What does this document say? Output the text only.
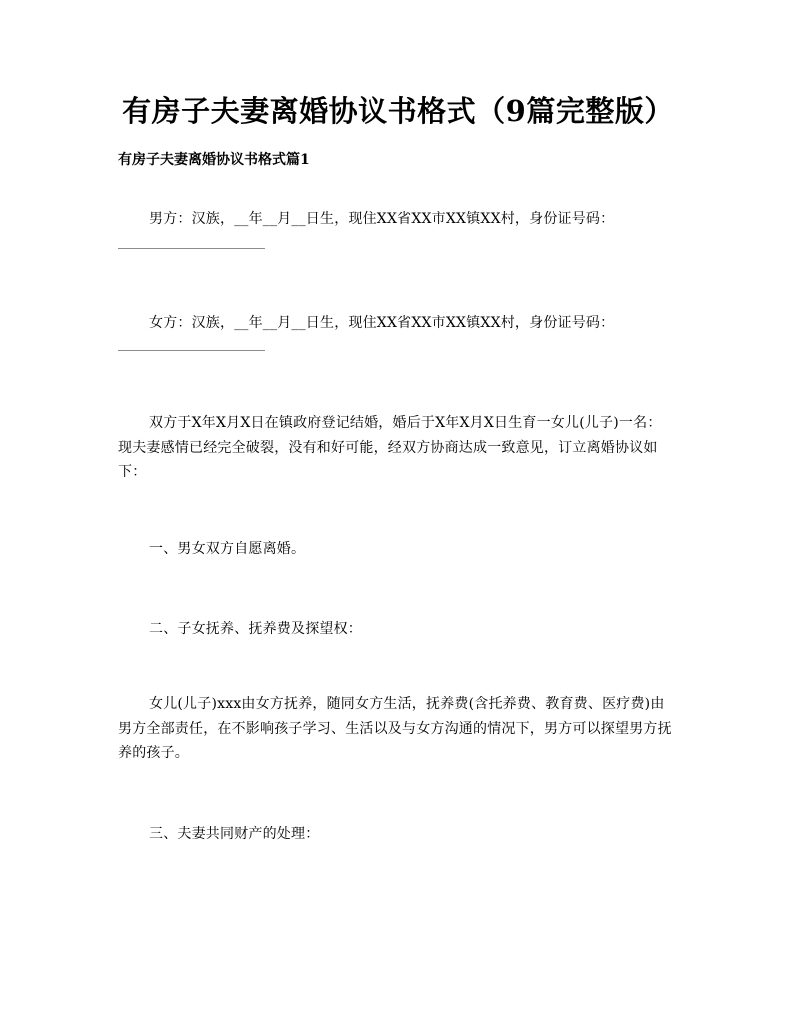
有房子夫妻离婚协议书格式（9篇完整版）
有房子夫妻离婚协议书格式篇1

男方：汉族，__年__月__日生，现住XX省XX市XX镇XX村，身份证号码：

女方：汉族，__年__月__日生，现住XX省XX市XX镇XX村，身份证号码：

双方于X年X月X日在镇政府登记结婚，婚后于X年X月X日生育一女儿(儿子)一名：现夫妻感情已经完全破裂，没有和好可能，经双方协商达成一致意见，订立离婚协议如下：

一、男女双方自愿离婚。

二、子女抚养、抚养费及探望权：

女儿(儿子)xxx由女方抚养，随同女方生活，抚养费(含托养费、教育费、医疗费)由男方全部责任，在不影响孩子学习、生活以及与女方沟通的情况下，男方可以探望男方抚养的孩子。

三、夫妻共同财产的处理：
